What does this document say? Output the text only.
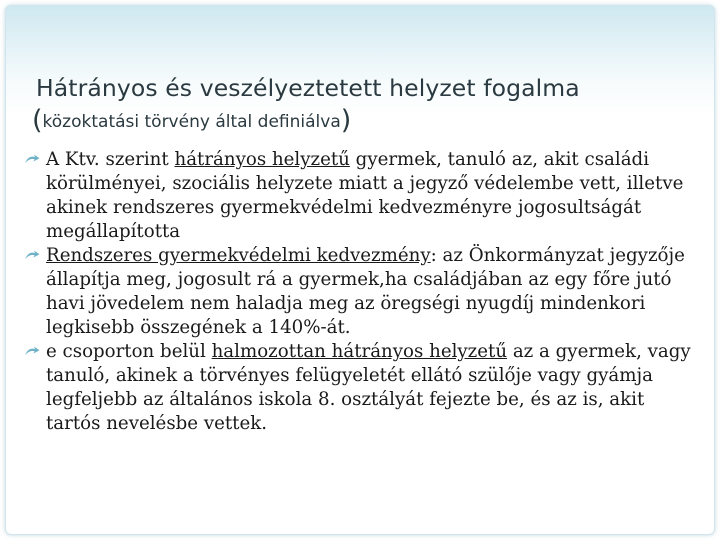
Hátrányos és veszélyeztetett helyzet fogalma
(közoktatási törvény által definiálva)

A Ktv. szerint hátrányos helyzetű gyermek, tanuló az, akit családi körülményei, szociális helyzete miatt a jegyző védelembe vett, illetve akinek rendszeres gyermekvédelmi kedvezményre jogosultságát megállapította

Rendszeres gyermekvédelmi kedvezmény: az Önkormányzat jegyzője állapítja meg, jogosult rá a gyermek,ha családjában az egy főre jutó havi jövedelem nem haladja meg az öregségi nyugdíj mindenkori legkisebb összegének a 140%-át.

e csoporton belül halmozottan hátrányos helyzetű az a gyermek, vagy tanuló, akinek a törvényes felügyeletét ellátó szülője vagy gyámja legfeljebb az általános iskola 8. osztályát fejezte be, és az is, akit tartós nevelésbe vettek.
